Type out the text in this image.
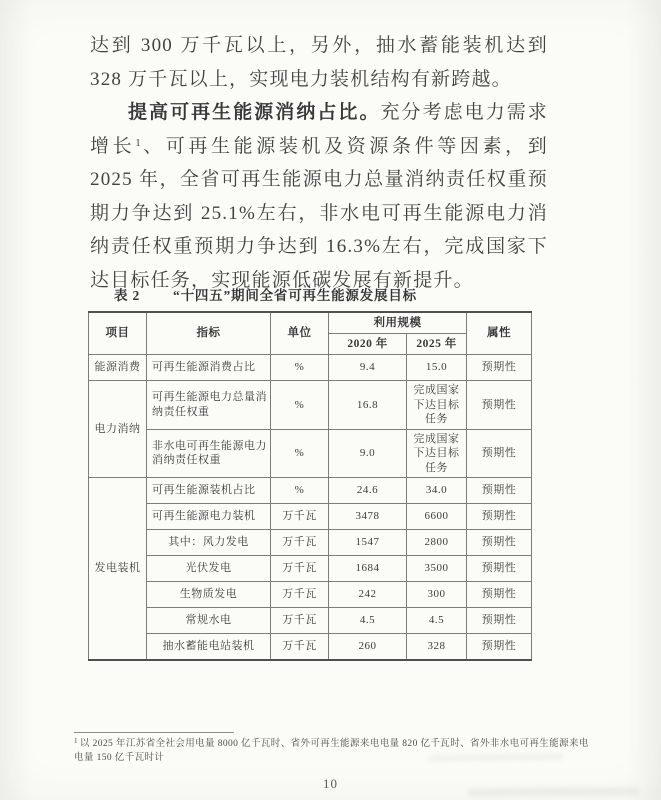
达到 300 万千瓦以上，另外，抽水蓄能装机达到 328 万千瓦以上，实现电力装机结构有新跨越。

提高可再生能源消纳占比。充分考虑电力需求增长$^1$、可再生能源装机及资源条件等因素，到 2025 年，全省可再生能源电力总量消纳责任权重预期力争达到 25.1%左右，非水电可再生能源电力消纳责任权重预期力争达到 16.3%左右，完成国家下达目标任务，实现能源低碳发展有新提升。

表 2 “十四五”期间全省可再生能源发展目标
项目	指标	单位	利用规模		属性
			2020 年	2025 年	
能源消费	可再生能源消费占比	%	9.4	15.0	预期性
电力消纳	可再生能源电力总量消纳责任权重	%	16.8	完成国家下达目标任务	预期性
	非水电可再生能源电力消纳责任权重	%	9.0	完成国家下达目标任务	预期性
发电装机	可再生能源装机占比	%	24.6	34.0	预期性
	可再生能源电力装机	万千瓦	3478	6600	预期性
	其中：风力发电	万千瓦	1547	2800	预期性
	光伏发电	万千瓦	1684	3500	预期性
	生物质发电	万千瓦	242	300	预期性
	常规水电	万千瓦	4.5	4.5	预期性
	抽水蓄能电站装机	万千瓦	260	328	预期性
$^1$ 以 2025 年江苏省全社会用电量 8000 亿千瓦时、省外可再生能源来电电量 820 亿千瓦时、省外非水电可再生能源来电电量 150 亿千瓦时计
10
